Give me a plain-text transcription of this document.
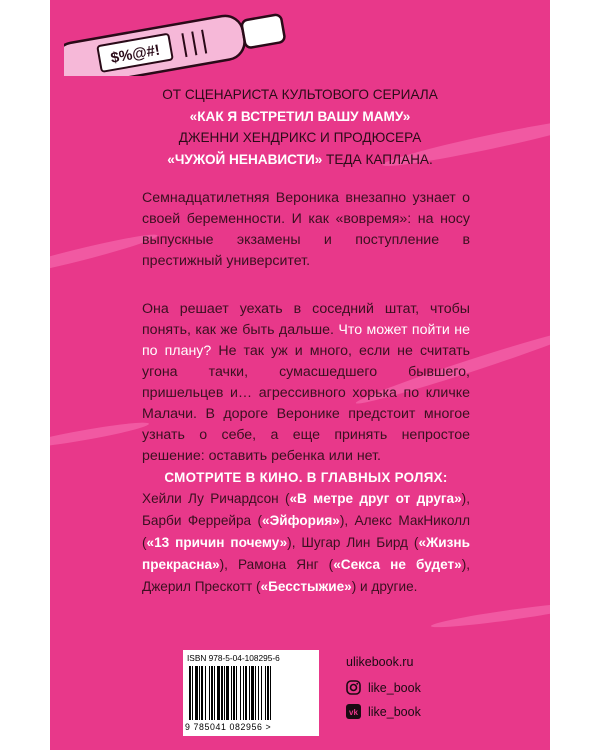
$%@#!
ОТ СЦЕНАРИСТА КУЛЬТОВОГО СЕРИАЛА
«КАК Я ВСТРЕТИЛ ВАШУ МАМУ»
ДЖЕННИ ХЕНДРИКС И ПРОДЮСЕРА
«ЧУЖОЙ НЕНАВИСТИ» ТЕДА КАПЛАНА.
Семнадцатилетняя Вероника внезапно узнает о своей беременности. И как «вовремя»: на носу выпускные экзамены и поступление в престижный университет.
Она решает уехать в соседний штат, чтобы понять, как же быть дальше. Что может пойти не по плану? Не так уж и много, если не считать угона тачки, сумасшедшего бывшего, пришельцев и… агрессивного хорька по кличке Малачи. В дороге Веронике предстоит многое узнать о себе, а еще принять непростое решение: оставить ребенка или нет.
СМОТРИТЕ В КИНО. В ГЛАВНЫХ РОЛЯХ:
Хейли Лу Ричардсон («В метре друг от друга»), Барби Феррейра («Эйфория»), Алекс МакНиколл («13 причин почему»), Шугар Лин Бирд («Жизнь прекрасна»), Рамона Янг («Секса не будет»), Джерил Прескотт («Бесстыжие») и другие.
ISBN 978-5-04-108295-6
9 785041 082956 >
ulikebook.ru
like_book
vk like_book
